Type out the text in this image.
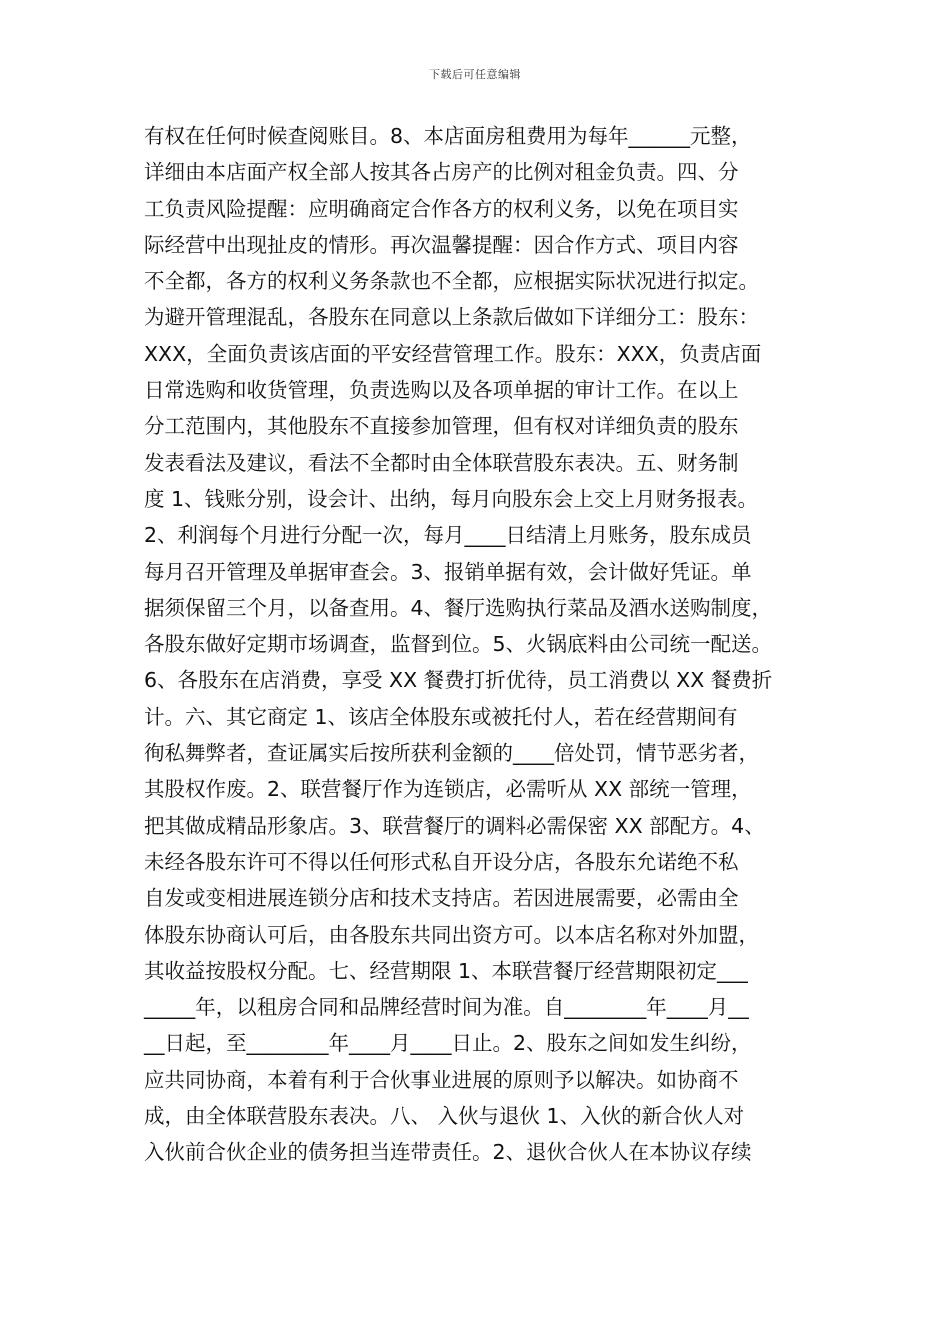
下载后可任意编辑
有权在任何时候查阅账目。8、本店面房租费用为每年______元整，
详细由本店面产权全部人按其各占房产的比例对租金负责。四、分
工负责风险提醒：应明确商定合作各方的权利义务，以免在项目实
际经营中出现扯皮的情形。再次温馨提醒：因合作方式、项目内容
不全都，各方的权利义务条款也不全都，应根据实际状况进行拟定。
为避开管理混乱，各股东在同意以上条款后做如下详细分工：股东：
XXX，全面负责该店面的平安经营管理工作。股东：XXX，负责店面
日常选购和收货管理，负责选购以及各项单据的审计工作。在以上
分工范围内，其他股东不直接参加管理，但有权对详细负责的股东
发表看法及建议，看法不全都时由全体联营股东表决。五、财务制
度 1、钱账分别，设会计、出纳，每月向股东会上交上月财务报表。
2、利润每个月进行分配一次，每月____日结清上月账务，股东成员
每月召开管理及单据审查会。3、报销单据有效，会计做好凭证。单
据须保留三个月，以备查用。4、餐厅选购执行菜品及酒水送购制度，
各股东做好定期市场调查，监督到位。5、火锅底料由公司统一配送。
6、各股东在店消费，享受 XX 餐费打折优待，员工消费以 XX 餐费折
计。六、其它商定 1、该店全体股东或被托付人，若在经营期间有
徇私舞弊者，查证属实后按所获利金额的____倍处罚，情节恶劣者，
其股权作废。2、联营餐厅作为连锁店，必需听从 XX 部统一管理，
把其做成精品形象店。3、联营餐厅的调料必需保密 XX 部配方。4、
未经各股东许可不得以任何形式私自开设分店，各股东允诺绝不私
自发或变相进展连锁分店和技术支持店。若因进展需要，必需由全
体股东协商认可后，由各股东共同出资方可。以本店名称对外加盟，
其收益按股权分配。七、经营期限 1、本联营餐厅经营期限初定___
_____年，以租房合同和品牌经营时间为准。自________年____月__
__日起，至________年____月____日止。2、股东之间如发生纠纷，
应共同协商，本着有利于合伙事业进展的原则予以解决。如协商不
成，由全体联营股东表决。八、 入伙与退伙 1、入伙的新合伙人对
入伙前合伙企业的债务担当连带责任。2、退伙合伙人在本协议存续
